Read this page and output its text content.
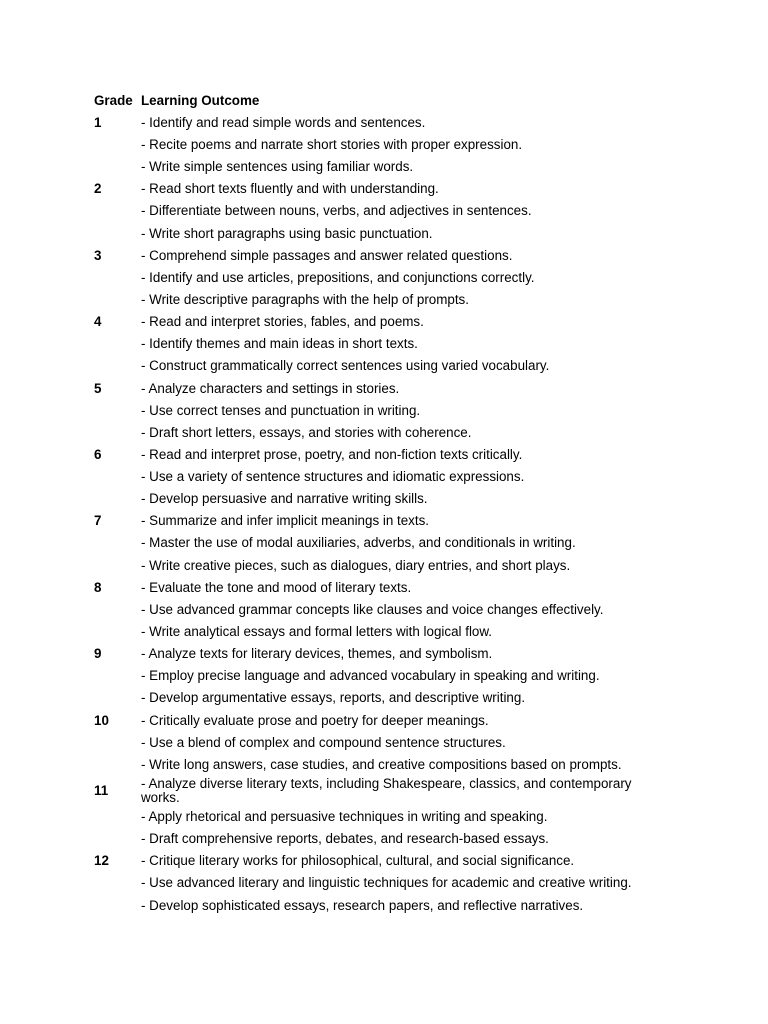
Grade	Learning Outcome
1	- Identify and read simple words and sentences.
	- Recite poems and narrate short stories with proper expression.
	- Write simple sentences using familiar words.
2	- Read short texts fluently and with understanding.
	- Differentiate between nouns, verbs, and adjectives in sentences.
	- Write short paragraphs using basic punctuation.
3	- Comprehend simple passages and answer related questions.
	- Identify and use articles, prepositions, and conjunctions correctly.
	- Write descriptive paragraphs with the help of prompts.
4	- Read and interpret stories, fables, and poems.
	- Identify themes and main ideas in short texts.
	- Construct grammatically correct sentences using varied vocabulary.
5	- Analyze characters and settings in stories.
	- Use correct tenses and punctuation in writing.
	- Draft short letters, essays, and stories with coherence.
6	- Read and interpret prose, poetry, and non-fiction texts critically.
	- Use a variety of sentence structures and idiomatic expressions.
	- Develop persuasive and narrative writing skills.
7	- Summarize and infer implicit meanings in texts.
	- Master the use of modal auxiliaries, adverbs, and conditionals in writing.
	- Write creative pieces, such as dialogues, diary entries, and short plays.
8	- Evaluate the tone and mood of literary texts.
	- Use advanced grammar concepts like clauses and voice changes effectively.
	- Write analytical essays and formal letters with logical flow.
9	- Analyze texts for literary devices, themes, and symbolism.
	- Employ precise language and advanced vocabulary in speaking and writing.
	- Develop argumentative essays, reports, and descriptive writing.
10	- Critically evaluate prose and poetry for deeper meanings.
	- Use a blend of complex and compound sentence structures.
	- Write long answers, case studies, and creative compositions based on prompts.
11	- Analyze diverse literary texts, including Shakespeare, classics, and contemporary works.
	- Apply rhetorical and persuasive techniques in writing and speaking.
	- Draft comprehensive reports, debates, and research-based essays.
12	- Critique literary works for philosophical, cultural, and social significance.
	- Use advanced literary and linguistic techniques for academic and creative writing.
	- Develop sophisticated essays, research papers, and reflective narratives.
